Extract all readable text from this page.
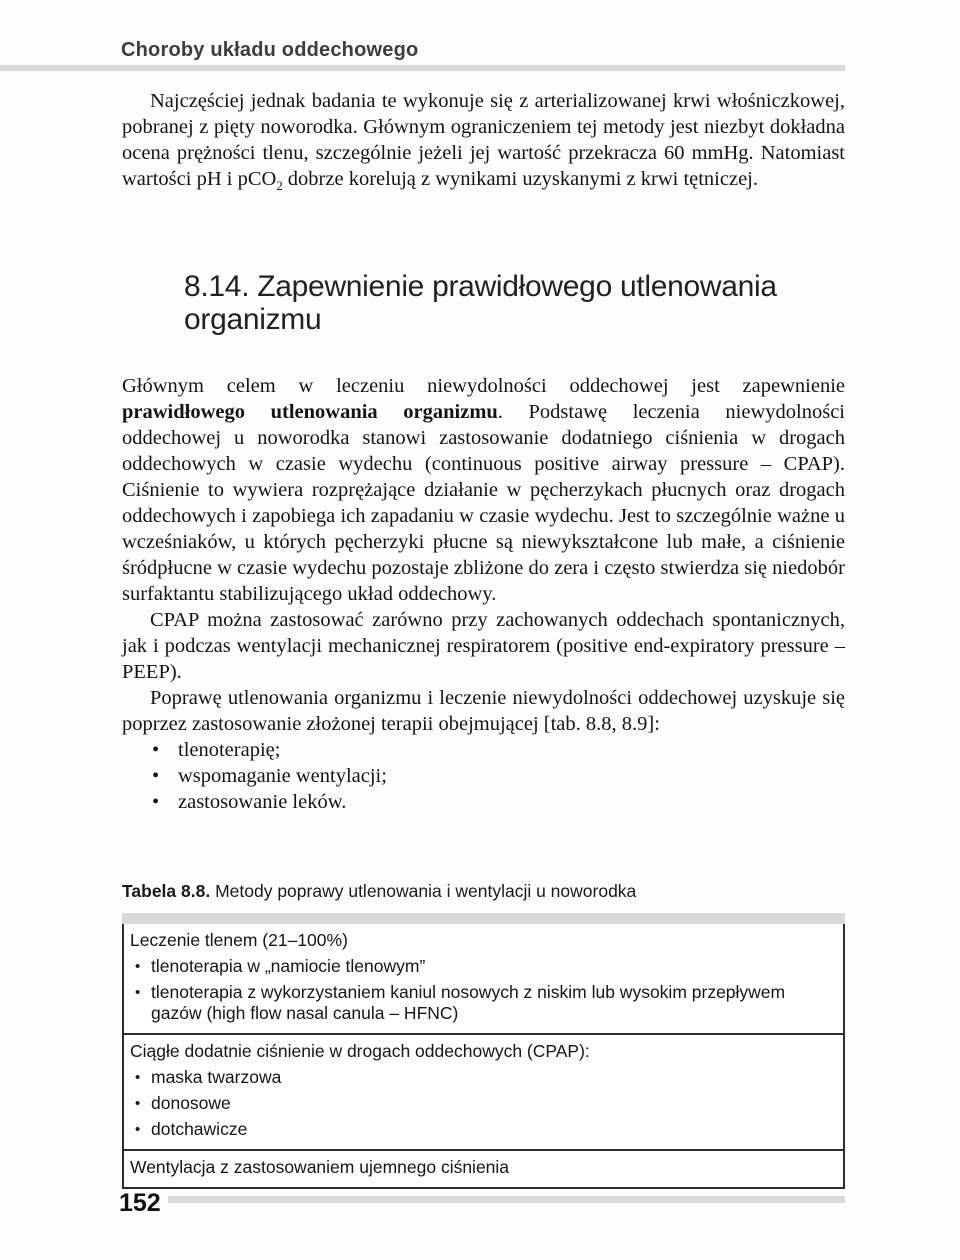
Choroby układu oddechowego

Najczęściej jednak badania te wykonuje się z arterializowanej krwi włośniczkowej, pobranej z pięty noworodka. Głównym ograniczeniem tej metody jest niezbyt dokładna ocena prężności tlenu, szczególnie jeżeli jej wartość przekracza 60 mmHg. Natomiast wartości pH i pCO$_2$ dobrze korelują z wynikami uzyskanymi z krwi tętniczej.

8.14. Zapewnienie prawidłowego utlenowania organizmu

Głównym celem w leczeniu niewydolności oddechowej jest zapewnienie prawidłowego utlenowania organizmu. Podstawę leczenia niewydolności oddechowej u noworodka stanowi zastosowanie dodatniego ciśnienia w drogach oddechowych w czasie wydechu (continuous positive airway pressure – CPAP). Ciśnienie to wywiera rozprężające działanie w pęcherzykach płucnych oraz drogach oddechowych i zapobiega ich zapadaniu w czasie wydechu. Jest to szczególnie ważne u wcześniaków, u których pęcherzyki płucne są niewykształcone lub małe, a ciśnienie śródpłucne w czasie wydechu pozostaje zbliżone do zera i często stwierdza się niedobór surfaktantu stabilizującego układ oddechowy.

CPAP można zastosować zarówno przy zachowanych oddechach spontanicznych, jak i podczas wentylacji mechanicznej respiratorem (positive end-expiratory pressure – PEEP).

Poprawę utlenowania organizmu i leczenie niewydolności oddechowej uzyskuje się poprzez zastosowanie złożonej terapii obejmującej [tab. 8.8, 8.9]:

• tlenoterapię;
• wspomaganie wentylacji;
• zastosowanie leków.

Tabela 8.8. Metody poprawy utlenowania i wentylacji u noworodka

Leczenie tlenem (21–100%)
• tlenoterapia w „namiocie tlenowym”
• tlenoterapia z wykorzystaniem kaniul nosowych z niskim lub wysokim przepływem gazów (high flow nasal canula – HFNC)
Ciągłe dodatnie ciśnienie w drogach oddechowych (CPAP):
• maska twarzowa
• donosowe
• dotchawicze
Wentylacja z zastosowaniem ujemnego ciśnienia
152
